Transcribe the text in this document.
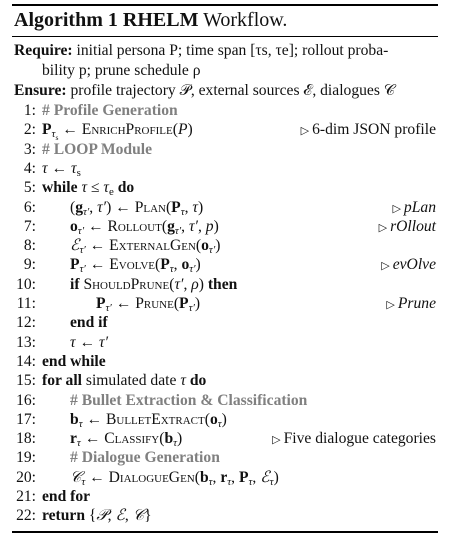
Algorithm 1 RHELM Workflow.
Require: initial persona P; time span [τs, τe]; rollout proba-
bility p; prune schedule ρ
Ensure: profile trajectory 𝒫, external sources ℰ, dialogues 𝒞
1: # Profile Generation
2: $P_{\tau_s}$ ← EnrichProfile(P)	▷ 6-dim JSON profile
3: # LOOP Module
4: τ ← $\tau_s$
5: while $\tau \le \tau_e$ do
6: ($g_{\tau'}$, τ′) ← $Plan(P_\tau$, τ)	▷ pLan
7: $o_{\tau'}$ ← $Rollout(g_{\tau'}$, τ′, p)	▷ rOllout
8: ℰ$_{\tau'}$ ← $ExternalGen(o_{\tau'})$
9: $P_{\tau'}$ ← $Evolve(P_\tau$, $o_{\tau'}$)	▷ evOlve
10: if ShouldPrune(τ′, ρ) then
11:	$P_{\tau'}$ ← $Prune(P_{\tau'})$	▷ Prune
12: end if
13: τ ← τ′
14: end while
15: for all simulated date τ do
16: # Bullet Extraction & Classification
17: $b_\tau$ ← $BulletExtract(o_\tau)$
18: $r_\tau$ ← $Classify(b_\tau)$	▷ Five dialogue categories
19: # Dialogue Generation
20: 𝒞$_\tau$ ← $DialogueGen(b_\tau$, $r_\tau$, $P_\tau$, ℰ$_\tau$)
21: end for
22: return {𝒫, ℰ, 𝒞}
